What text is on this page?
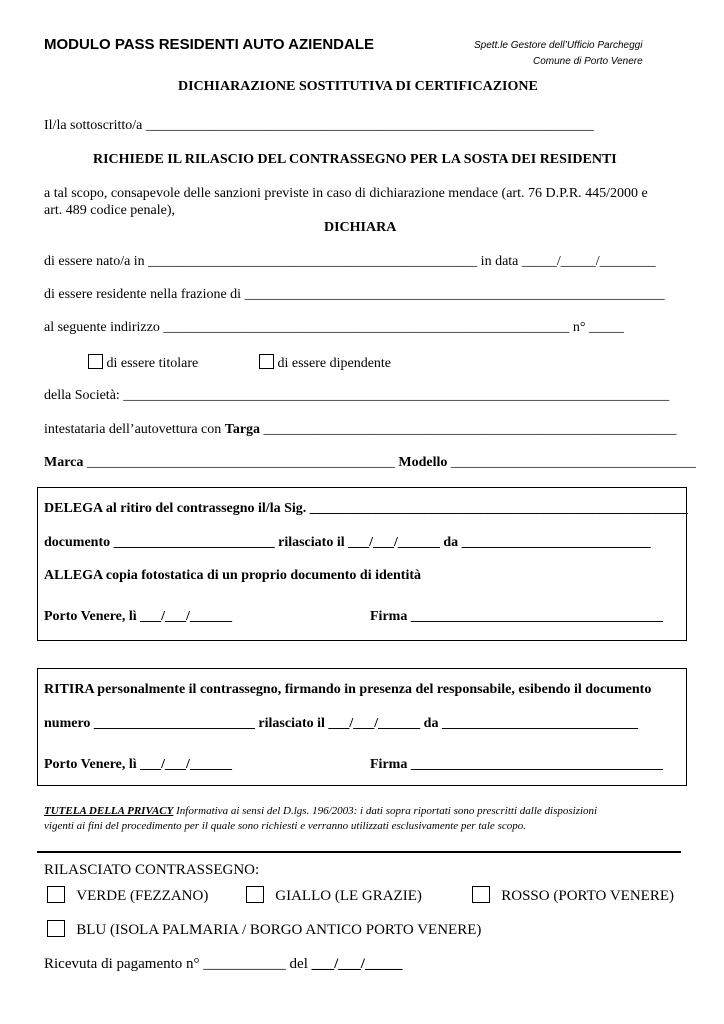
MODULO PASS RESIDENTI AUTO AZIENDALE	Spett.le Gestore dell’Ufficio Parcheggi
Comune di Porto Venere
DICHIARAZIONE SOSTITUTIVA DI CERTIFICAZIONE
Il/la sottoscritto/a ________________________________________________________________
RICHIEDE IL RILASCIO DEL CONTRASSEGNO PER LA SOSTA DEI RESIDENTI
a tal scopo, consapevole delle sanzioni previste in caso di dichiarazione mendace (art. 76 D.P.R. 445/2000 e
art. 489 codice penale),
DICHIARA
di essere nato/a in _______________________________________________ in data _____/_____/________
di essere residente nella frazione di ____________________________________________________________
al seguente indirizzo __________________________________________________________ n° _____
di essere titolare	di essere dipendente
della Società: ______________________________________________________________________________
intestataria dell’autovettura con Targa ___________________________________________________________
Marca ____________________________________________ Modello ___________________________________
DELEGA al ritiro del contrassegno il/la Sig. ______________________________________________________
documento _______________________ rilasciato il ___/___/______ da ___________________________
ALLEGA copia fotostatica di un proprio documento di identità
Porto Venere, lì ___/___/______	Firma ____________________________________
RITIRA personalmente il contrassegno, firmando in presenza del responsabile, esibendo il documento
numero _______________________ rilasciato il ___/___/______ da ____________________________
Porto Venere, lì ___/___/______	Firma ____________________________________
TUTELA DELLA PRIVACY Informativa ai sensi del D.lgs. 196/2003: i dati sopra riportati sono prescritti dalle disposizioni
vigenti ai fini del procedimento per il quale sono richiesti e verranno utilizzati esclusivamente per tale scopo.
RILASCIATO CONTRASSEGNO:
VERDE (FEZZANO)	GIALLO (LE GRAZIE)	ROSSO (PORTO VENERE)
BLU (ISOLA PALMARIA / BORGO ANTICO PORTO VENERE)
Ricevuta di pagamento n° ___________ del ___/___/_____
